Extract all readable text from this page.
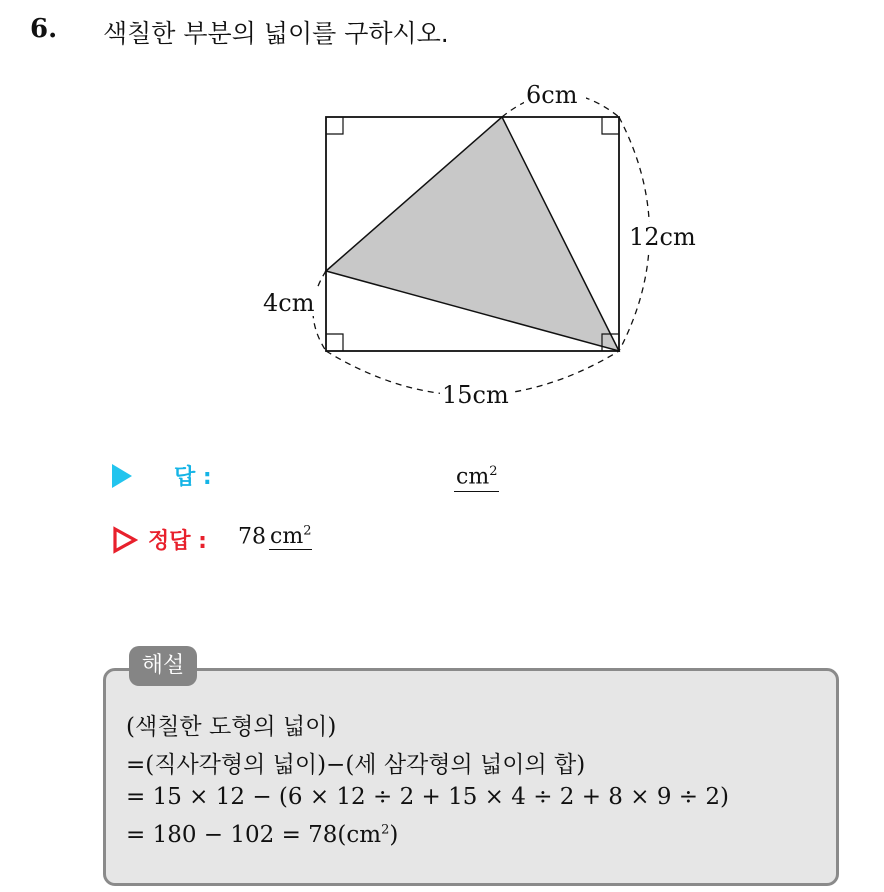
6. 색칠한 부분의 넓이를 구하시오.
6cm
12cm
4cm
15cm
답 :	$cm^2$
정답 : 78 $cm^2$
해설
(색칠한 도형의 넓이)
=(직사각형의 넓이)−(세 삼각형의 넓이의 합)
= 15 × 12 − (6 × 12 ÷ 2 + 15 × 4 ÷ 2 + 8 × 9 ÷ 2)
= $180 - 102 = 78(cm^2)$
